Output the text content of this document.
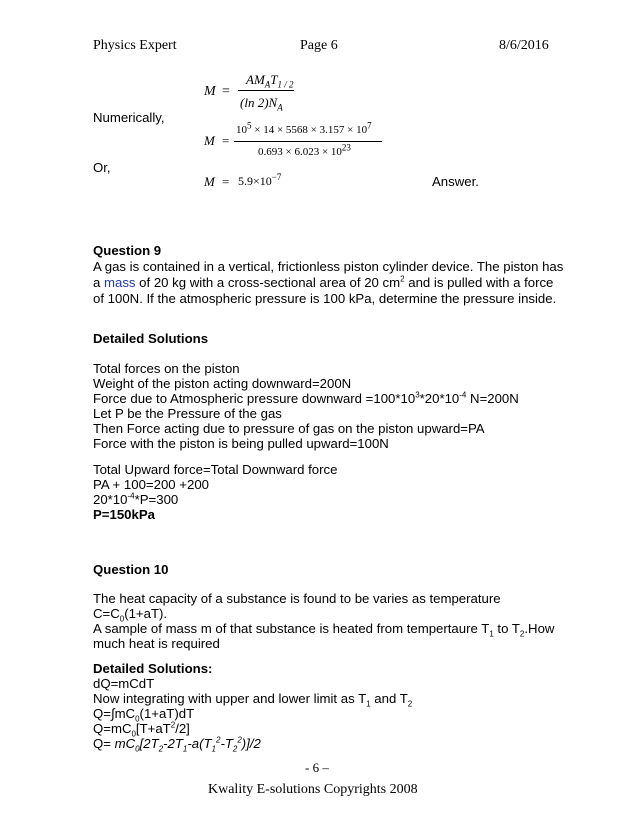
Physics Expert	Page 6	8/6/2016
M =
$AM_AT_{1 / 2}$
(ln $2)N_A$
Numerically,
M =
$10^5 \times 14 \times 5568 \times 3.157 \times 10^7$
$0.693 \times 6.023 \times 10^{23}$
Or,
$M = 5.9\times 10^{-7}$	Answer.
Question 9
A gas is contained in a vertical, frictionless piston cylinder device. The piston has
a mass of 20 kg with a cross-sectional area of 20 $cm^2$ and is pulled with a force
of 100N. If the atmospheric pressure is 100 kPa, determine the pressure inside.
Detailed Solutions
Total forces on the piston
Weight of the piston acting downward=200N
Force due to Atmospheric pressure downward $=100*10^3*20*10^{-4}$ N=200N
Let P be the Pressure of the gas
Then Force acting due to pressure of gas on the piston upward=PA
Force with the piston is being pulled upward=100N
Total Upward force=Total Downward force
PA + 100=200 +200
$20*10^{-4}*P=300$
P=150kPa
Question 10
The heat capacity of a substance is found to be varies as temperature
$C=C_0(1+aT)$.
A sample of mass m of that substance is heated from tempertaure $T_1$ to $T_2.How$
much heat is required
Detailed Solutions:
dQ=mCdT
Now integrating with upper and lower limit as $T_1$ and $T_2$
$Q=\int mC_0(1+aT)dT$
$Q=mC_0[T+aT^2/2]$
$Q= mC_0[2T_2-2T_1-a(T_1^2-T_2^2)]/2$
- 6 –
Kwality E-solutions Copyrights 2008
